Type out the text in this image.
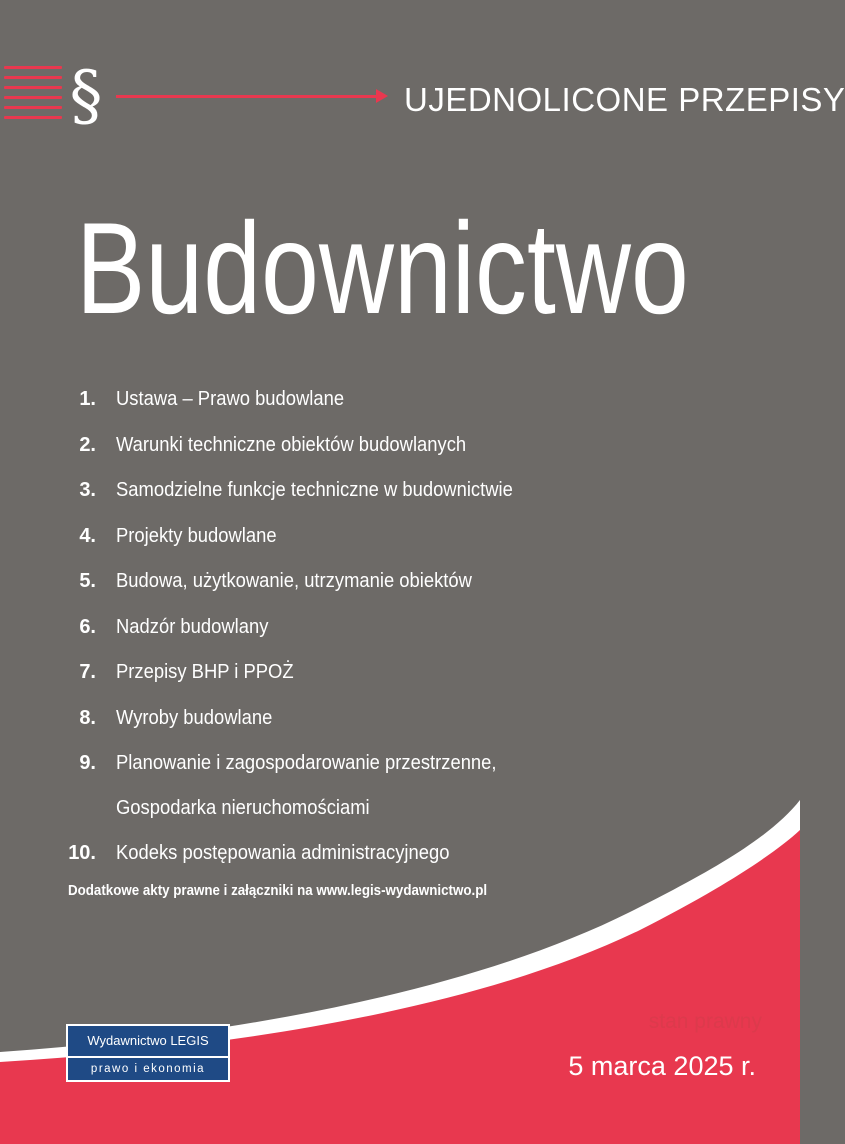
§	UJEDNOLICONE PRZEPISY
Budownictwo
1. Ustawa – Prawo budowlane
2. Warunki techniczne obiektów budowlanych
3. Samodzielne funkcje techniczne w budownictwie
4. Projekty budowlane
5. Budowa, użytkowanie, utrzymanie obiektów
6. Nadzór budowlany
7. Przepisy BHP i PPOŻ
8. Wyroby budowlane
9. Planowanie i zagospodarowanie przestrzenne,
Gospodarka nieruchomościami
10. Kodeks postępowania administracyjnego
Dodatkowe akty prawne i załączniki na www.legis-wydawnictwo.pl
Wydawnictwo LEGIS
prawo i ekonomia
stan prawny
5 marca 2025 r.
